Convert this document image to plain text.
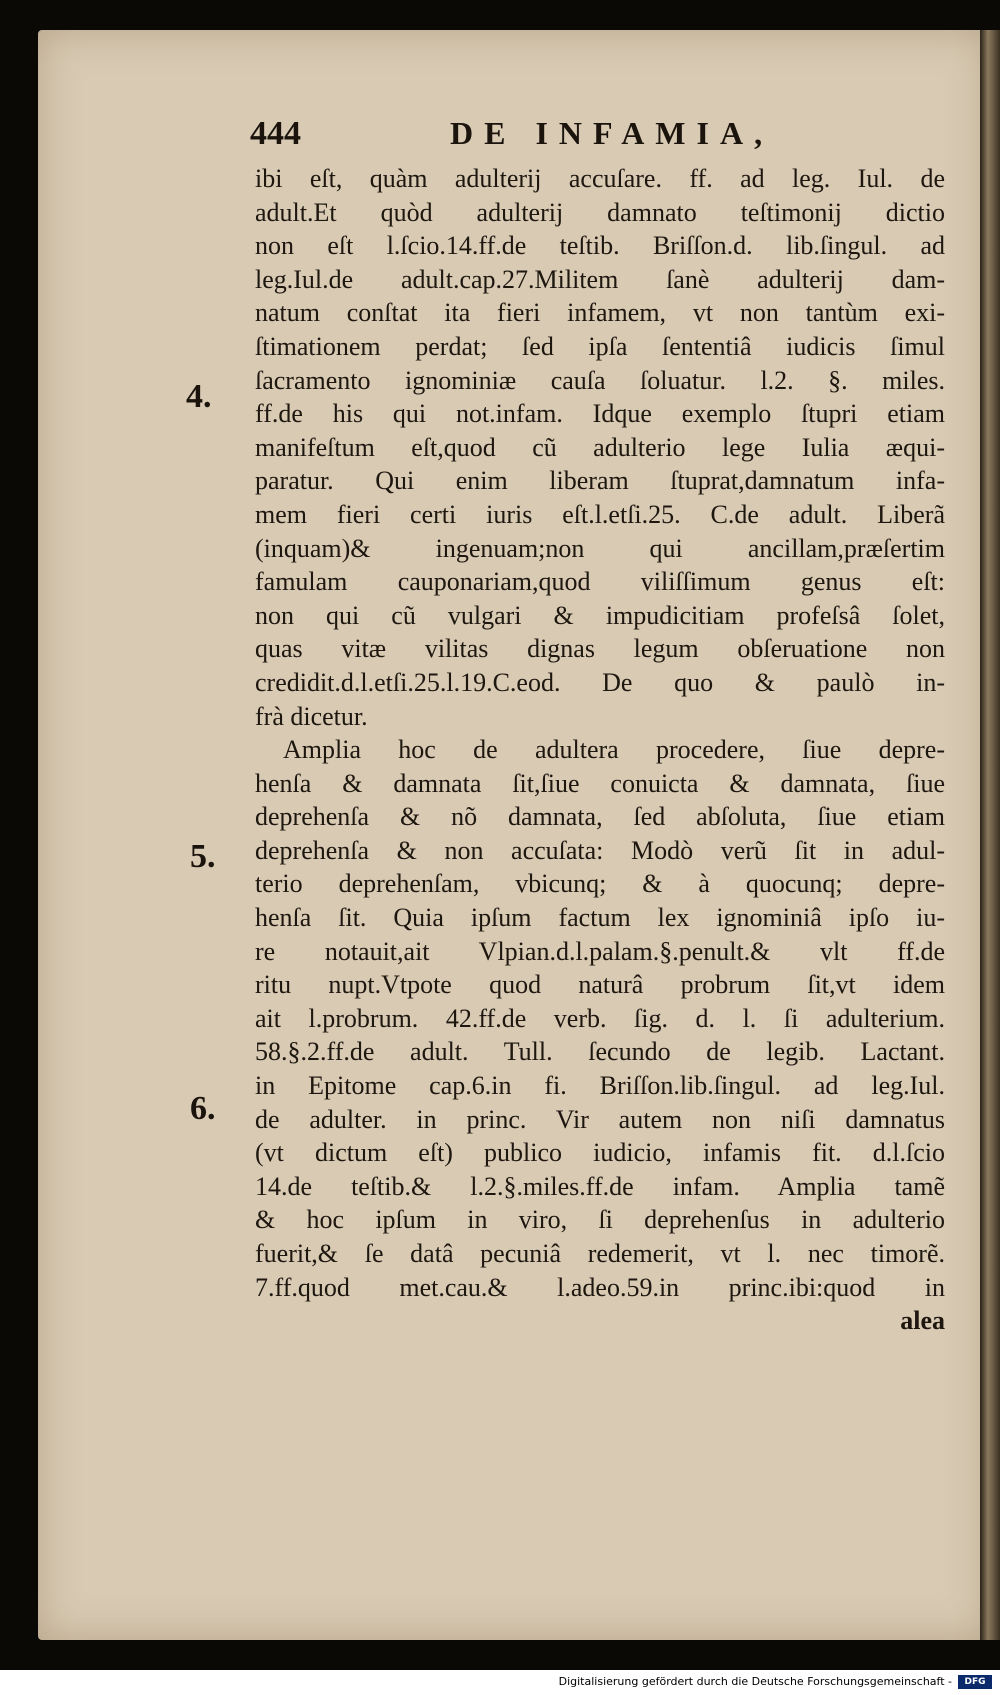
444	DE INFAMIA,
4.
5.
6.
ibi eſt, quàm adulterij accuſare. ff. ad leg. Iul. de
adult.Et quòd adulterij damnato teſtimonij dictio
non eſt l.ſcio.14.ff.de teſtib. Briſſon.d. lib.ſingul. ad
leg.Iul.de adult.cap.27.Militem ſanè adulterij dam-
natum conſtat ita fieri infamem, vt non tantùm exi-
ſtimationem perdat; ſed ipſa ſententiâ iudicis ſimul
ſacramento ignominiæ cauſa ſoluatur. l.2. §. miles.
ff.de his qui not.infam. Idque exemplo ſtupri etiam
manifeſtum eſt,quod cũ adulterio lege Iulia æqui-
paratur. Qui enim liberam ſtuprat,damnatum infa-
mem fieri certi iuris eſt.l.etſi.25. C.de adult. Liberã
(inquam)& ingenuam;non qui ancillam,præſertim
famulam cauponariam,quod viliſſimum genus eſt:
non qui cũ vulgari & impudicitiam profeſsâ ſolet,
quas vitæ vilitas dignas legum obſeruatione non
credidit.d.l.etſi.25.l.19.C.eod. De quo & paulò in-
frà dicetur.
Amplia hoc de adultera procedere, ſiue depre-
henſa & damnata ſit,ſiue conuicta & damnata, ſiue
deprehenſa & nõ damnata, ſed abſoluta, ſiue etiam
deprehenſa & non accuſata: Modò verũ ſit in adul-
terio deprehenſam, vbicunq; & à quocunq; depre-
henſa ſit. Quia ipſum factum lex ignominiâ ipſo iu-
re notauit,ait Vlpian.d.l.palam.§.penult.& vlt ff.de
ritu nupt.Vtpote quod naturâ probrum ſit,vt idem
ait l.probrum. 42.ff.de verb. ſig. d. l. ſi adulterium.
58.§.2.ff.de adult. Tull. ſecundo de legib. Lactant.
in Epitome cap.6.in fi. Briſſon.lib.ſingul. ad leg.Iul.
de adulter. in princ. Vir autem non niſi damnatus
(vt dictum eſt) publico iudicio, infamis fit. d.l.ſcio
14.de teſtib.& l.2.§.miles.ff.de infam. Amplia tamẽ
& hoc ipſum in viro, ſi deprehenſus in adulterio
fuerit,& ſe datâ pecuniâ redemerit, vt l. nec timorẽ.
7.ff.quod met.cau.& l.adeo.59.in princ.ibi:quod in
alea
Digitalisierung gefördert durch die Deutsche Forschungsgemeinschaft -	DFG
